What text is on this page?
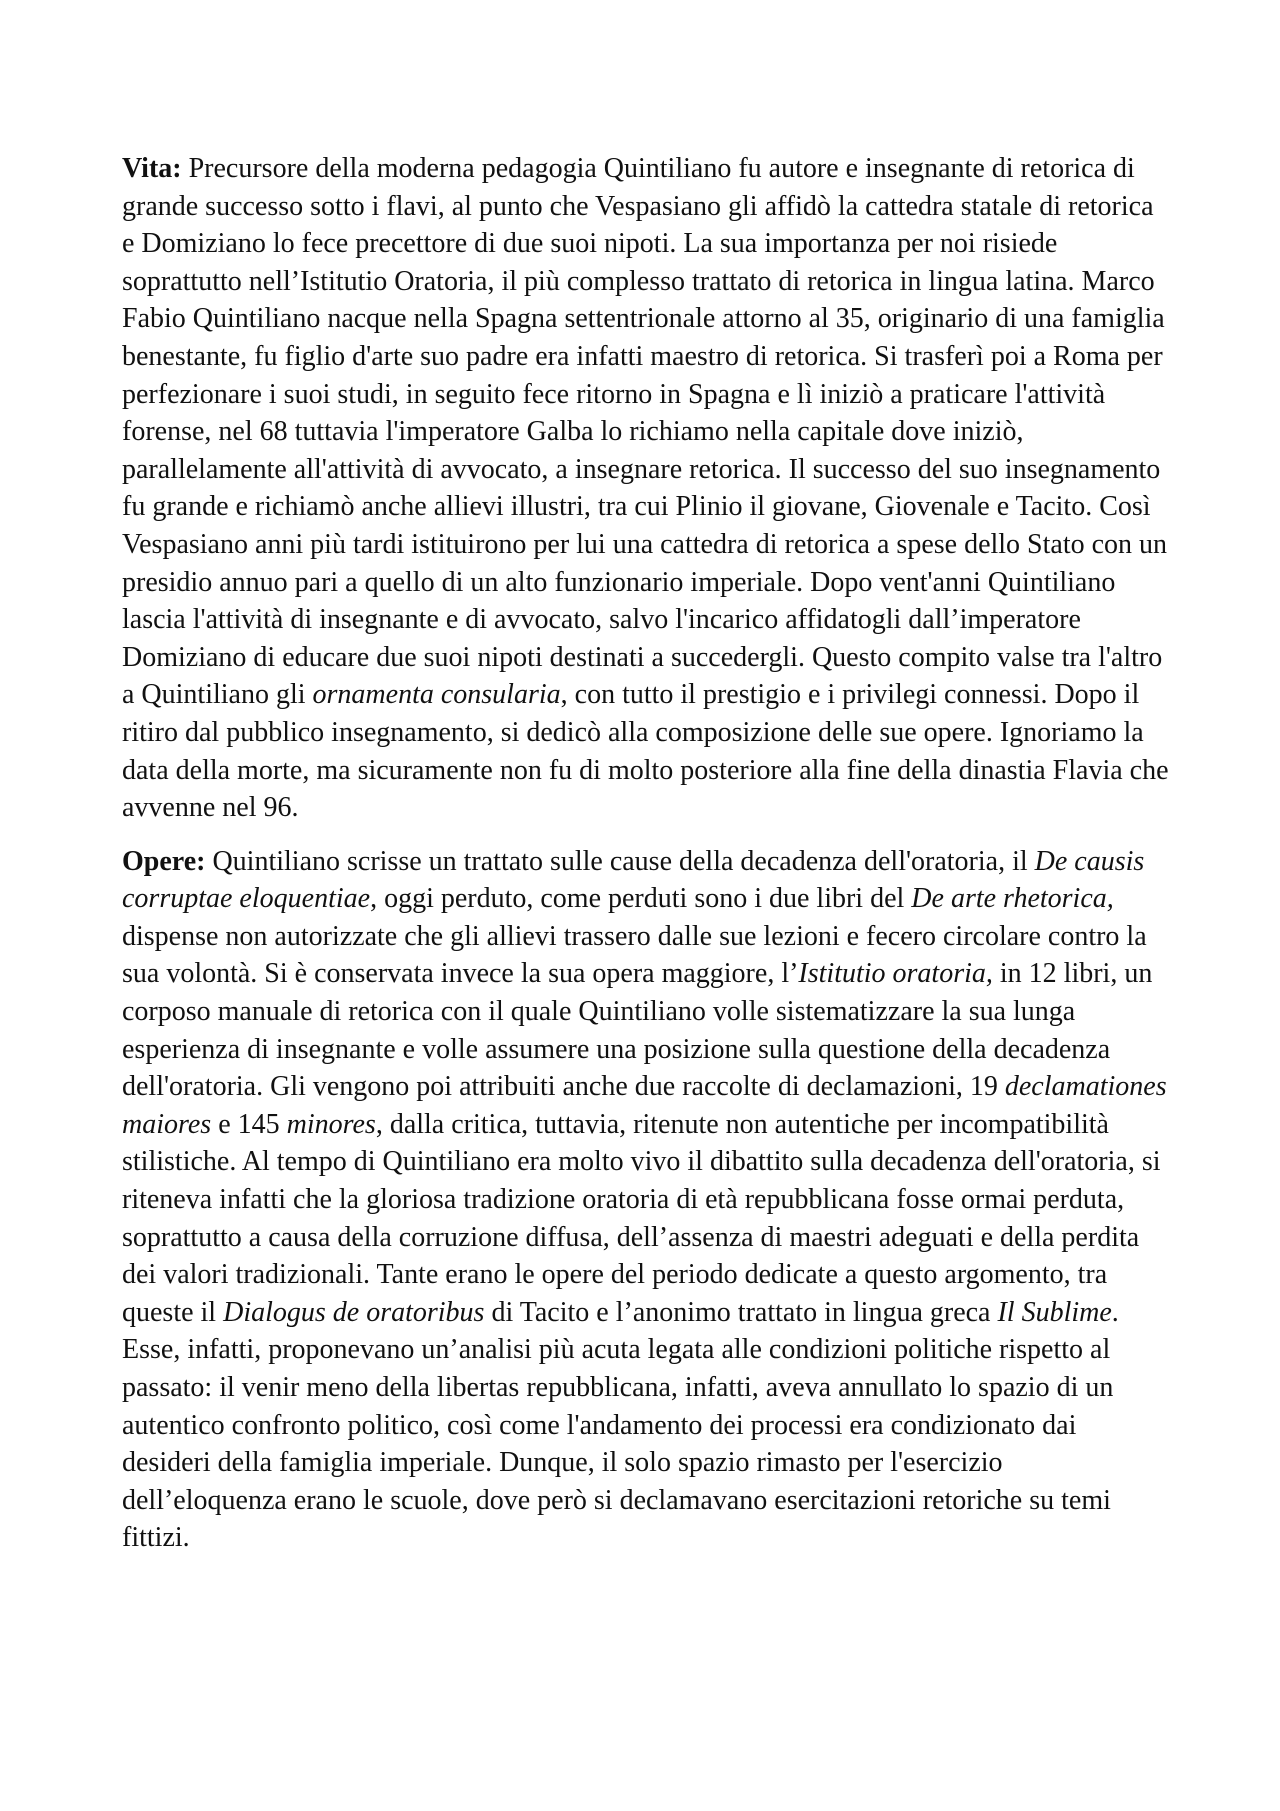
Vita: Precursore della moderna pedagogia Quintiliano fu autore e insegnante di retorica di grande successo sotto i flavi, al punto che Vespasiano gli affidò la cattedra statale di retorica e Domiziano lo fece precettore di due suoi nipoti. La sua importanza per noi risiede soprattutto nell’Istitutio Oratoria, il più complesso trattato di retorica in lingua latina. Marco Fabio Quintiliano nacque nella Spagna settentrionale attorno al 35, originario di una famiglia benestante, fu figlio d'arte suo padre era infatti maestro di retorica. Si trasferì poi a Roma per perfezionare i suoi studi, in seguito fece ritorno in Spagna e lì iniziò a praticare l'attività forense, nel 68 tuttavia l'imperatore Galba lo richiamo nella capitale dove iniziò, parallelamente all'attività di avvocato, a insegnare retorica. Il successo del suo insegnamento fu grande e richiamò anche allievi illustri, tra cui Plinio il giovane, Giovenale e Tacito. Così Vespasiano anni più tardi istituirono per lui una cattedra di retorica a spese dello Stato con un presidio annuo pari a quello di un alto funzionario imperiale. Dopo vent'anni Quintiliano lascia l'attività di insegnante e di avvocato, salvo l'incarico affidatogli dall’imperatore Domiziano di educare due suoi nipoti destinati a succedergli. Questo compito valse tra l'altro a Quintiliano gli ornamenta consularia, con tutto il prestigio e i privilegi connessi. Dopo il ritiro dal pubblico insegnamento, si dedicò alla composizione delle sue opere. Ignoriamo la data della morte, ma sicuramente non fu di molto posteriore alla fine della dinastia Flavia che avvenne nel 96.

Opere: Quintiliano scrisse un trattato sulle cause della decadenza dell'oratoria, il De causis corruptae eloquentiae, oggi perduto, come perduti sono i due libri del De arte rhetorica, dispense non autorizzate che gli allievi trassero dalle sue lezioni e fecero circolare contro la sua volontà. Si è conservata invece la sua opera maggiore, l’Istitutio oratoria, in 12 libri, un corposo manuale di retorica con il quale Quintiliano volle sistematizzare la sua lunga esperienza di insegnante e volle assumere una posizione sulla questione della decadenza dell'oratoria. Gli vengono poi attribuiti anche due raccolte di declamazioni, 19 declamationes maiores e 145 minores, dalla critica, tuttavia, ritenute non autentiche per incompatibilità stilistiche. Al tempo di Quintiliano era molto vivo il dibattito sulla decadenza dell'oratoria, si riteneva infatti che la gloriosa tradizione oratoria di età repubblicana fosse ormai perduta, soprattutto a causa della corruzione diffusa, dell’assenza di maestri adeguati e della perdita dei valori tradizionali. Tante erano le opere del periodo dedicate a questo argomento, tra queste il Dialogus de oratoribus di Tacito e l’anonimo trattato in lingua greca Il Sublime. Esse, infatti, proponevano un’analisi più acuta legata alle condizioni politiche rispetto al passato: il venir meno della libertas repubblicana, infatti, aveva annullato lo spazio di un autentico confronto politico, così come l'andamento dei processi era condizionato dai desideri della famiglia imperiale. Dunque, il solo spazio rimasto per l'esercizio dell’eloquenza erano le scuole, dove però si declamavano esercitazioni retoriche su temi fittizi.
